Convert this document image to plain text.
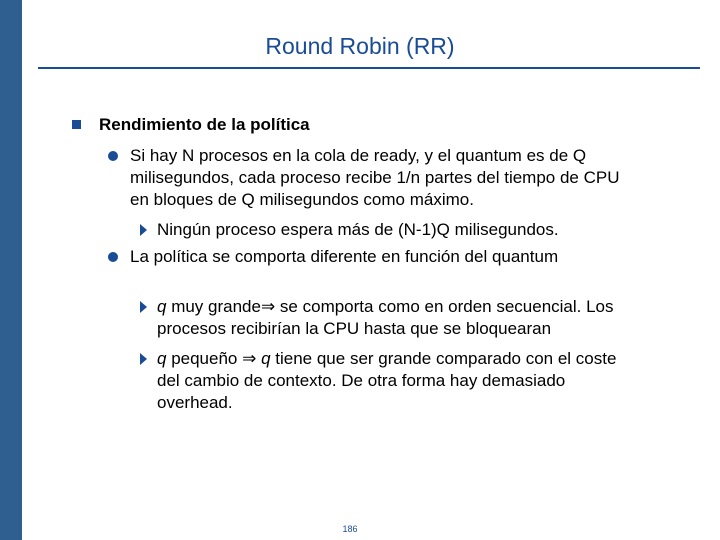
Round Robin (RR)
Rendimiento de la política
Si hay N procesos en la cola de ready, y el quantum es de Q milisegundos, cada proceso recibe 1/n partes del tiempo de CPU en bloques de Q milisegundos como máximo.
Ningún proceso espera más de (N-1)Q milisegundos.
La política se comporta diferente en función del quantum
q muy grande⇒ se comporta como en orden secuencial. Los procesos recibirían la CPU hasta que se bloquearan
q pequeño ⇒ q tiene que ser grande comparado con el coste del cambio de contexto. De otra forma hay demasiado overhead.
186
